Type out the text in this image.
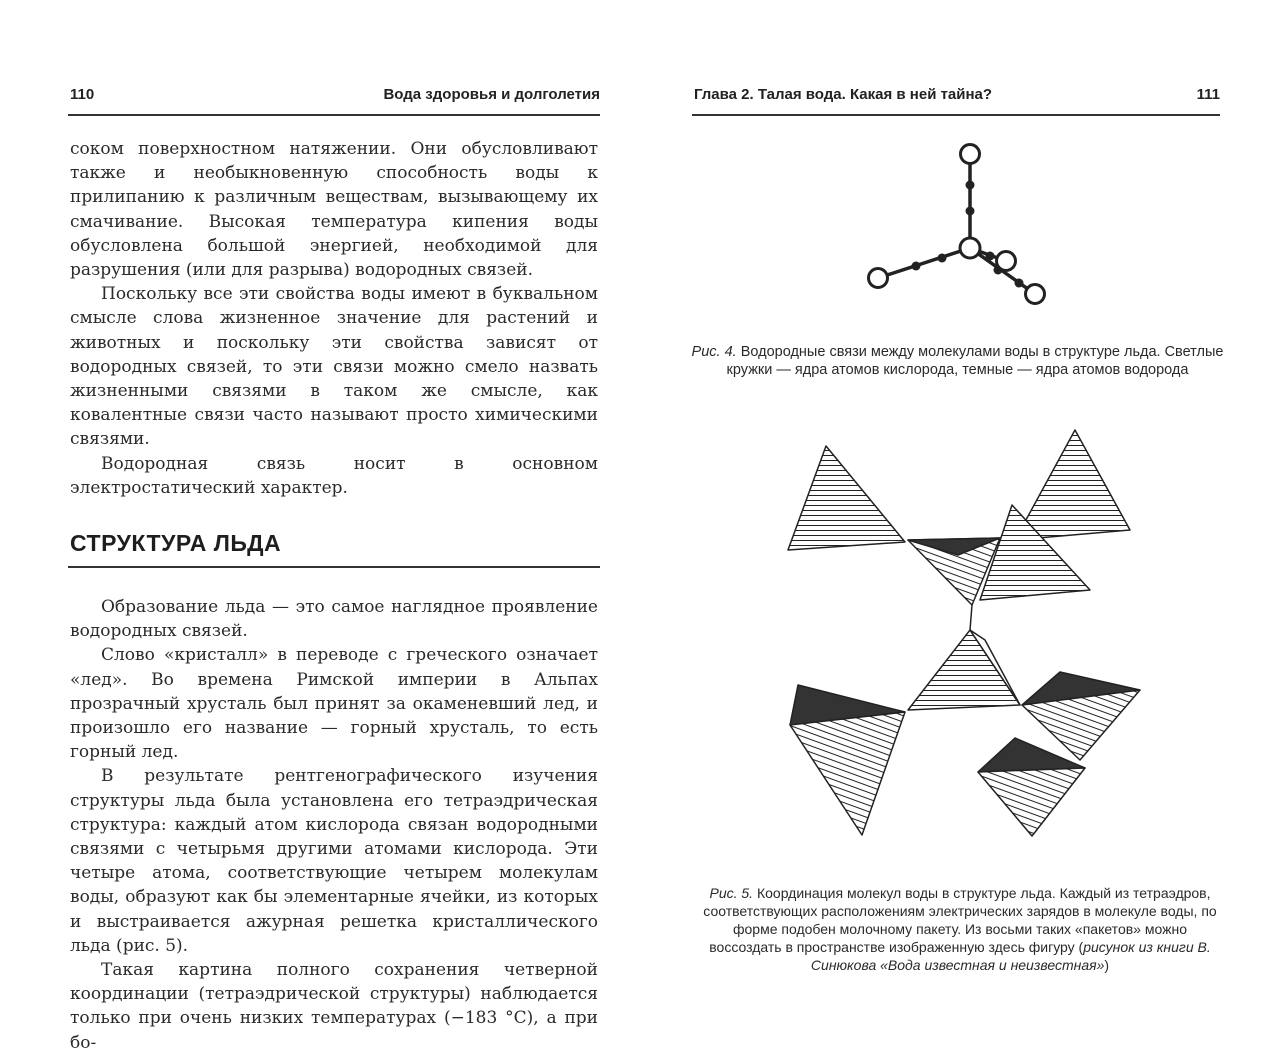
110	Вода здоровья и долголетия

соком поверхностном натяжении. Они обусловливают также и необыкновенную способность воды к прилипанию к различным веществам, вызывающему их смачивание. Высокая температура кипения воды обусловлена большой энергией, необходимой для разрушения (или для разрыва) водородных связей.

Поскольку все эти свойства воды имеют в буквальном смысле слова жизненное значение для растений и животных и поскольку эти свойства зависят от водородных связей, то эти связи можно смело назвать жизненными связями в таком же смысле, как ковалентные связи часто называют просто химическими связями.

Водородная связь носит в основном электростатический характер.

СТРУКТУРА ЛЬДА

Образование льда — это самое наглядное проявление водородных связей.

Слово «кристалл» в переводе с греческого означает «лед». Во времена Римской империи в Альпах прозрачный хрусталь был принят за окаменевший лед, и произошло его название — горный хрусталь, то есть горный лед.

В результате рентгенографического изучения структуры льда была установлена его тетраэдрическая структура: каждый атом кислорода связан водородными связями с четырьмя другими атомами кислорода. Эти четыре атома, соответствующие четырем молекулам воды, образуют как бы элементарные ячейки, из которых и выстраивается ажурная решетка кристаллического льда (рис. 5).

Такая картина полного сохранения четверной координации (тетраэдрической структуры) наблюдается только при очень низких температурах (−183 °С), а при бо-

Глава 2. Талая вода. Какая в ней тайна?	111
Рис. 4. Водородные связи между молекулами воды в структуре льда. Светлые кружки — ядра атомов кислорода, темные — ядра атомов водорода
Рис. 5. Координация молекул воды в структуре льда. Каждый из тетраэдров, соответствующих расположениям электрических зарядов в молекуле воды, по форме подобен молочному пакету. Из восьми таких «пакетов» можно воссоздать в пространстве изображенную здесь фигуру (рисунок из книги В. Синюкова «Вода известная и неизвестная»)
